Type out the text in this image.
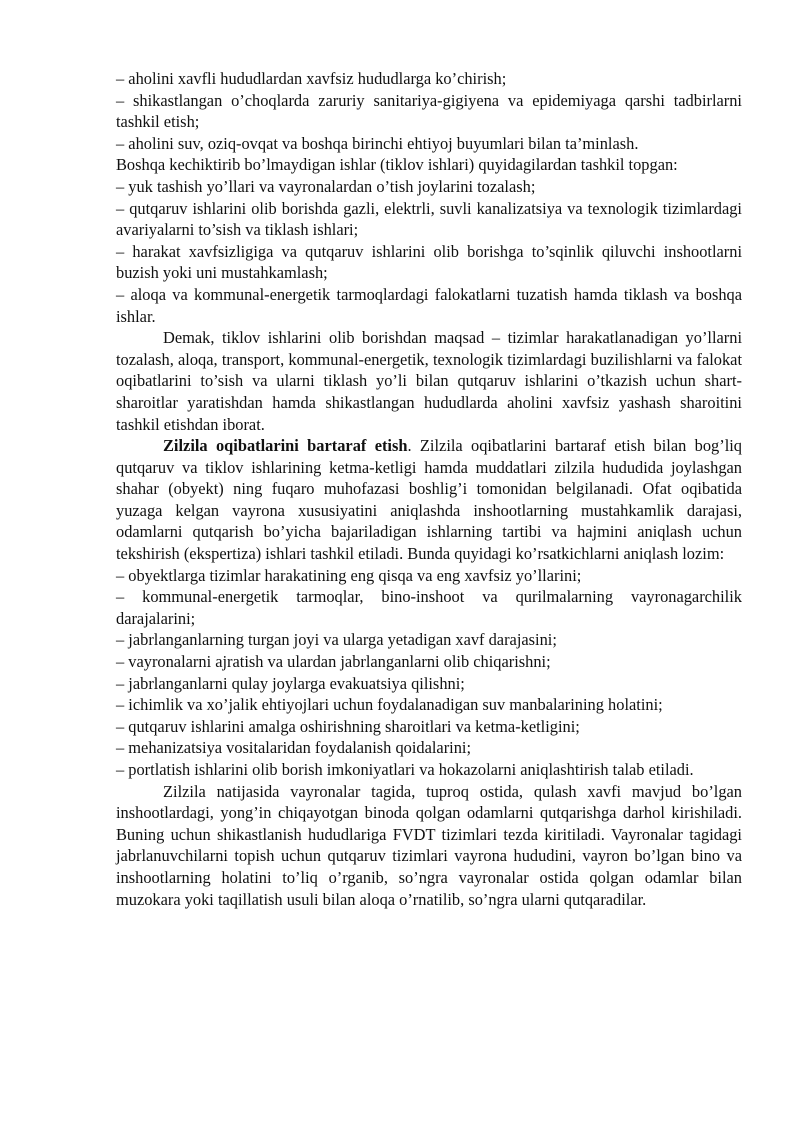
– aholini xavfli hududlardan xavfsiz hududlarga ko’chirish;

– shikastlangan o’choqlarda zaruriy sanitariya-gigiyena va epidemiyaga qarshi tadbirlarni tashkil etish;

– aholini suv, oziq-ovqat va boshqa birinchi ehtiyoj buyumlari bilan ta’minlash.

Boshqa kechiktirib bo’lmaydigan ishlar (tiklov ishlari) quyidagilardan tashkil topgan:

– yuk tashish yo’llari va vayronalardan o’tish joylarini tozalash;

– qutqaruv ishlarini olib borishda gazli, elektrli, suvli kanalizatsiya va texnologik tizimlardagi avariyalarni to’sish va tiklash ishlari;

– harakat xavfsizligiga va qutqaruv ishlarini olib borishga to’sqinlik qiluvchi inshootlarni buzish yoki uni mustahkamlash;

– aloqa va kommunal-energetik tarmoqlardagi falokatlarni tuzatish hamda tiklash va boshqa ishlar.

Demak, tiklov ishlarini olib borishdan maqsad – tizimlar harakatlanadigan yo’llarni tozalash, aloqa, transport, kommunal-energetik, texnologik tizimlardagi buzilishlarni va falokat oqibatlarini to’sish va ularni tiklash yo’li bilan qutqaruv ishlarini o’tkazish uchun shart-sharoitlar yaratishdan hamda shikastlangan hududlarda aholini xavfsiz yashash sharoitini tashkil etishdan iborat.

Zilzila oqibatlarini bartaraf etish. Zilzila oqibatlarini bartaraf etish bilan bog’liq qutqaruv va tiklov ishlarining ketma-ketligi hamda muddatlari zilzila hududida joylashgan shahar (obyekt) ning fuqaro muhofazasi boshlig’i tomonidan belgilanadi. Ofat oqibatida yuzaga kelgan vayrona xususiyatini aniqlashda inshootlarning mustahkamlik darajasi, odamlarni qutqarish bo’yicha bajariladigan ishlarning tartibi va hajmini aniqlash uchun tekshirish (ekspertiza) ishlari tashkil etiladi. Bunda quyidagi ko’rsatkichlarni aniqlash lozim:

– obyektlarga tizimlar harakatining eng qisqa va eng xavfsiz yo’llarini;

– kommunal-energetik tarmoqlar, bino-inshoot va qurilmalarning vayronagarchilik darajalarini;

– jabrlanganlarning turgan joyi va ularga yetadigan xavf darajasini;

– vayronalarni ajratish va ulardan jabrlanganlarni olib chiqarishni;

– jabrlanganlarni qulay joylarga evakuatsiya qilishni;

– ichimlik va xo’jalik ehtiyojlari uchun foydalanadigan suv manbalarining holatini;

– qutqaruv ishlarini amalga oshirishning sharoitlari va ketma-ketligini;

– mehanizatsiya vositalaridan foydalanish qoidalarini;

– portlatish ishlarini olib borish imkoniyatlari va hokazolarni aniqlashtirish talab etiladi.

Zilzila natijasida vayronalar tagida, tuproq ostida, qulash xavfi mavjud bo’lgan inshootlardagi, yong’in chiqayotgan binoda qolgan odamlarni qutqarishga darhol kirishiladi. Buning uchun shikastlanish hududlariga FVDT tizimlari tezda kiritiladi. Vayronalar tagidagi jabrlanuvchilarni topish uchun qutqaruv tizimlari vayrona hududini, vayron bo’lgan bino va inshootlarning holatini to’liq o’rganib, so’ngra vayronalar ostida qolgan odamlar bilan muzokara yoki taqillatish usuli bilan aloqa o’rnatilib, so’ngra ularni qutqaradilar.
